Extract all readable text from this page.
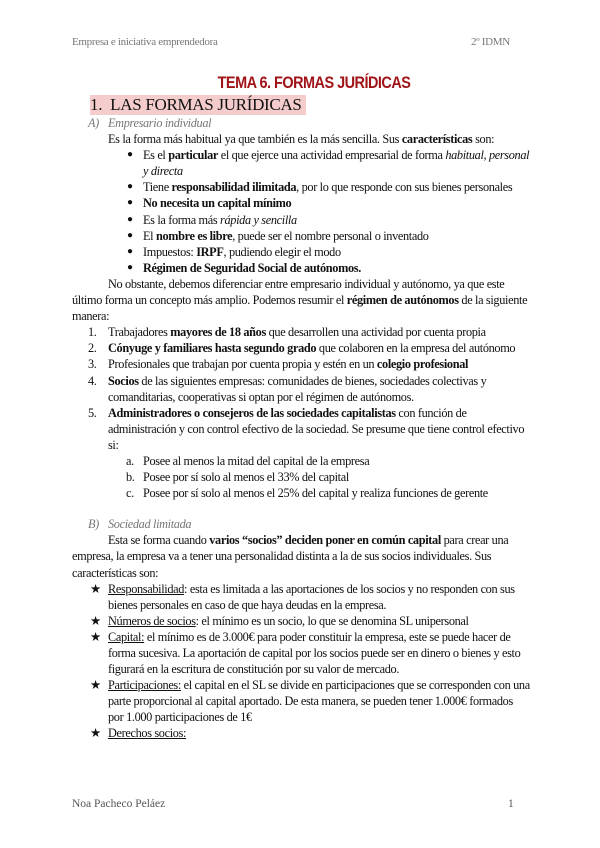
Empresa e iniciativa emprendedora	2º IDMN
TEMA 6. FORMAS JURÍDICAS
1. LAS FORMAS JURÍDICAS
A) Empresario individual

Es la forma más habitual ya que también es la más sencilla. Sus características son:

● Es el particular el que ejerce una actividad empresarial de forma habitual, personal y directa
● Tiene responsabilidad ilimitada, por lo que responde con sus bienes personales
● No necesita un capital mínimo
● Es la forma más rápida y sencilla
● El nombre es libre, puede ser el nombre personal o inventado
● Impuestos: IRPF, pudiendo elegir el modo
● Régimen de Seguridad Social de autónomos.

No obstante, debemos diferenciar entre empresario individual y autónomo, ya que este último forma un concepto más amplio. Podemos resumir el régimen de autónomos de la siguiente manera:

1. Trabajadores mayores de 18 años que desarrollen una actividad por cuenta propia
2. Cónyuge y familiares hasta segundo grado que colaboren en la empresa del autónomo
3. Profesionales que trabajan por cuenta propia y estén en un colegio profesional
4. Socios de las siguientes empresas: comunidades de bienes, sociedades colectivas y comanditarias, cooperativas si optan por el régimen de autónomos.
5. Administradores o consejeros de las sociedades capitalistas con función de administración y con control efectivo de la sociedad. Se presume que tiene control efectivo si:
a. Posee al menos la mitad del capital de la empresa
b. Posee por sí solo al menos el 33% del capital
c. Posee por sí solo al menos el 25% del capital y realiza funciones de gerente
B) Sociedad limitada

Esta se forma cuando varios “socios” deciden poner en común capital para crear una empresa, la empresa va a tener una personalidad distinta a la de sus socios individuales. Sus características son:

★ Responsabilidad: esta es limitada a las aportaciones de los socios y no responden con sus bienes personales en caso de que haya deudas en la empresa.
★ Números de socios: el mínimo es un socio, lo que se denomina SL unipersonal
★ Capital: el mínimo es de 3.000€ para poder constituir la empresa, este se puede hacer de forma sucesiva. La aportación de capital por los socios puede ser en dinero o bienes y esto figurará en la escritura de constitución por su valor de mercado.
★ Participaciones: el capital en el SL se divide en participaciones que se corresponden con una parte proporcional al capital aportado. De esta manera, se pueden tener 1.000€ formados por 1.000 participaciones de 1€
★ Derechos socios:
Noa Pacheco Peláez	1
